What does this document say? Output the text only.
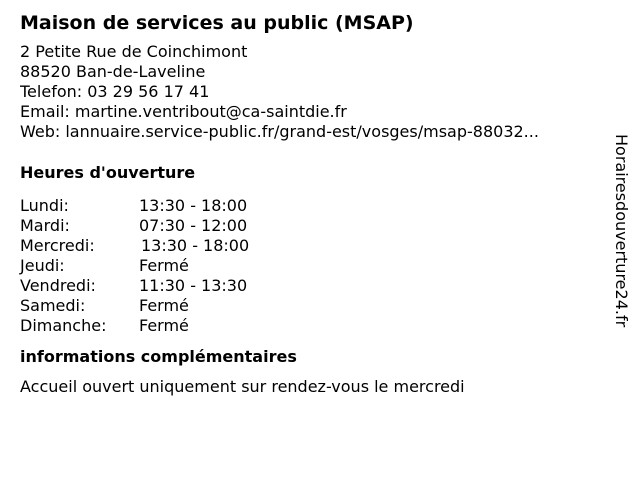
Maison de services au public (MSAP)
2 Petite Rue de Coinchimont
88520 Ban-de-Laveline
Telefon: 03 29 56 17 41
Email: martine.ventribout@ca-saintdie.fr
Web: lannuaire.service-public.fr/grand-est/vosges/msap-88032...
Heures d'ouverture
Lundi:	13:30 - 18:00
Mardi:	07:30 - 12:00
Mercredi:	13:30 - 18:00
Jeudi:	Fermé
Vendredi:	11:30 - 13:30
Samedi:	Fermé
Dimanche:	Fermé
informations complémentaires
Accueil ouvert uniquement sur rendez-vous le mercredi
Horairesdouverture24.fr
